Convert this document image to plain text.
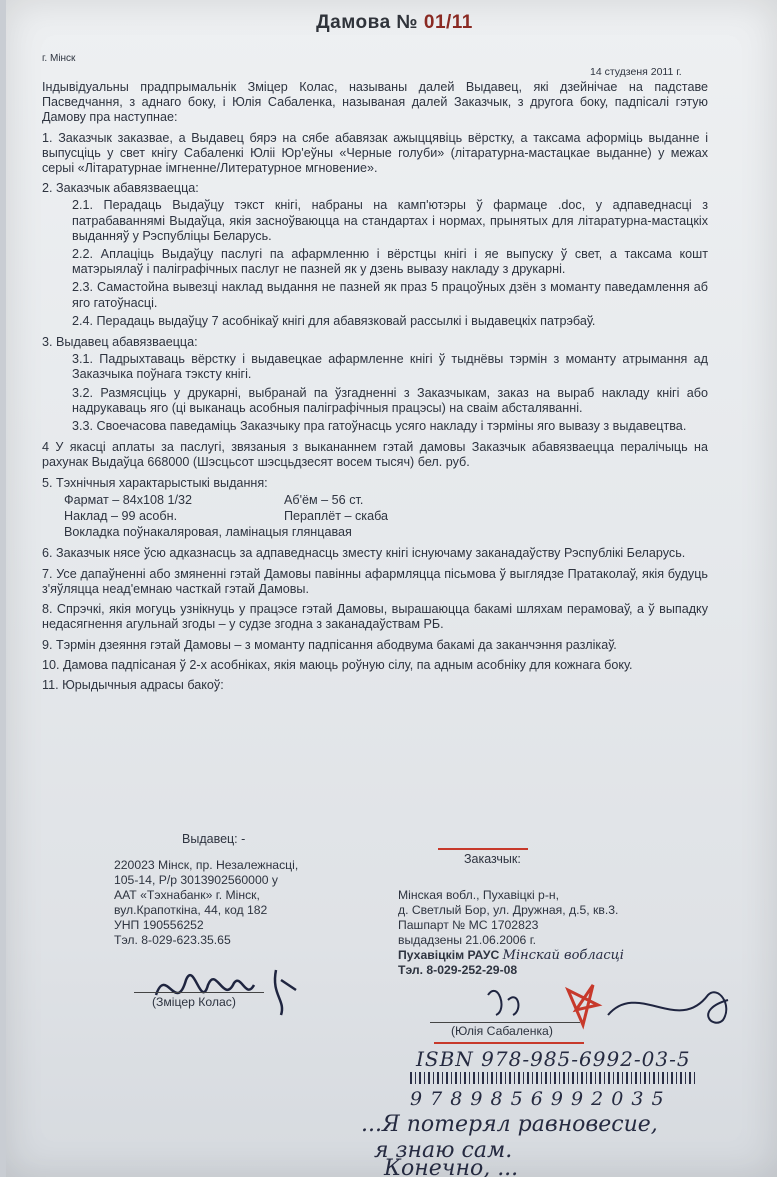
Дамова № 01/11
г. Мінск
14 студзеня 2011 г.

Індывідуальны прадпрымальнік Зміцер Колас, называны далей Выдавец, які дзейнічае на падставе Пасведчання, з аднаго боку, і Юлія Сабаленка, называная далей Заказчык, з другога боку, падпісалі гэтую Дамову пра наступнае:

1. Заказчык заказвае, а Выдавец бярэ на сябе абавязак ажыццявіць вёрстку, а таксама аформіць выданне і выпусціць у свет кнігу Сабаленкі Юліі Юр'еўны «Черные голуби» (літаратурна-мастацкае выданне) у межах серыі «Літаратурнае імгненне/Литературное мгновение».

2. Заказчык абавязваецца:
2.1. Перадаць Выдаўцу тэкст кнігі, набраны на камп'ютэры ў фармаце .doc, у адпаведнасці з патрабаваннямі Выдаўца, якія засноўваюцца на стандартах і нормах, прынятых для літаратурна-мастацкіх выданняў у Рэспубліцы Беларусь.
2.2. Аплаціць Выдаўцу паслугі па афармленню і вёрстцы кнігі і яе выпуску ў свет, а таксама кошт матэрыялаў і паліграфічных паслуг не пазней як у дзень вывазу накладу з друкарні.
2.3. Самастойна вывезці наклад выдання не пазней як праз 5 працоўных дзён з моманту паведамлення аб яго гатоўнасці.
2.4. Перадаць выдаўцу 7 асобнікаў кнігі для абавязковай рассылкі і выдавецкіх патрэбаў.
3. Выдавец абавязваецца:
3.1. Падрыхтаваць вёрстку і выдавецкае афармленне кнігі ў тыднёвы тэрмін з моманту атрымання ад Заказчыка поўнага тэксту кнігі.
3.2. Размясціць у друкарні, выбранай па ўзгадненні з Заказчыкам, заказ на выраб накладу кнігі або надрукаваць яго (ці выканаць асобныя паліграфічныя працэсы) на сваім абсталяванні.
3.3. Своечасова паведаміць Заказчыку пра гатоўнасць усяго накладу і тэрміны яго вывазу з выдавецтва.

4 У якасці аплаты за паслугі, звязаныя з выкананнем гэтай дамовы Заказчык абавязваецца пералічыць на рахунак Выдаўца 668000 (Шэсцьсот шэсцьдзесят восем тысяч) бел. руб.

5. Тэхнічныя характарыстыкі выдання:
Фармат – 84х108 1/32	Аб'ём – 56 ст.
Наклад – 99 асобн.	Пераплёт – скаба
Вокладка поўнакаляровая, ламінацыя глянцавая

6. Заказчык нясе ўсю адказнасць за адпаведнасць зместу кнігі існуючаму заканадаўству Рэспублікі Беларусь.

7. Усе дапаўненні або змяненні гэтай Дамовы павінны афармляцца пісьмова ў выглядзе Пратаколаў, якія будуць з'яўляцца неад'емнаю часткай гэтай Дамовы.

8. Спрэчкі, якія могуць узнікнуць у працэсе гэтай Дамовы, вырашаюцца бакамі шляхам перамоваў, а ў выпадку недасягнення агульнай згоды – у судзе згодна з заканадаўствам РБ.

9. Тэрмін дзеяння гэтай Дамовы – з моманту падпісання абодвума бакамі да заканчэння разлікаў.

10. Дамова падпісаная ў 2-х асобніках, якія маюць роўную сілу, па адным асобніку для кожнага боку.

11. Юрыдычныя адрасы бакоў:

Выдавец: -
220023 Мінск, пр. Незалежнасці,
105-14, Р/р 3013902560000 у
ААТ «Тэхнабанк» г. Мінск,
вул.Крапоткіна, 44, код 182
УНП 190556252
Тэл. 8-029-623.35.65
(Зміцер Колас)
Заказчык:
Мінская вобл., Пухавіцкі р-н,
д. Светлый Бор, ул. Дружная, д.5, кв.3.
Пашпарт № МС 1702823
выдадзены 21.06.2006 г.
Пухавіцкім РАУС Мінскай вобласці
Тэл. 8-029-252-29-08
(Юлія Сабаленка)
ISBN 978-985-6992-03-5
9 7 8 9 8 5 6 9 9 2 0 3 5
...Я потерял равновесие,
я знаю сам.
Конечно, ...
